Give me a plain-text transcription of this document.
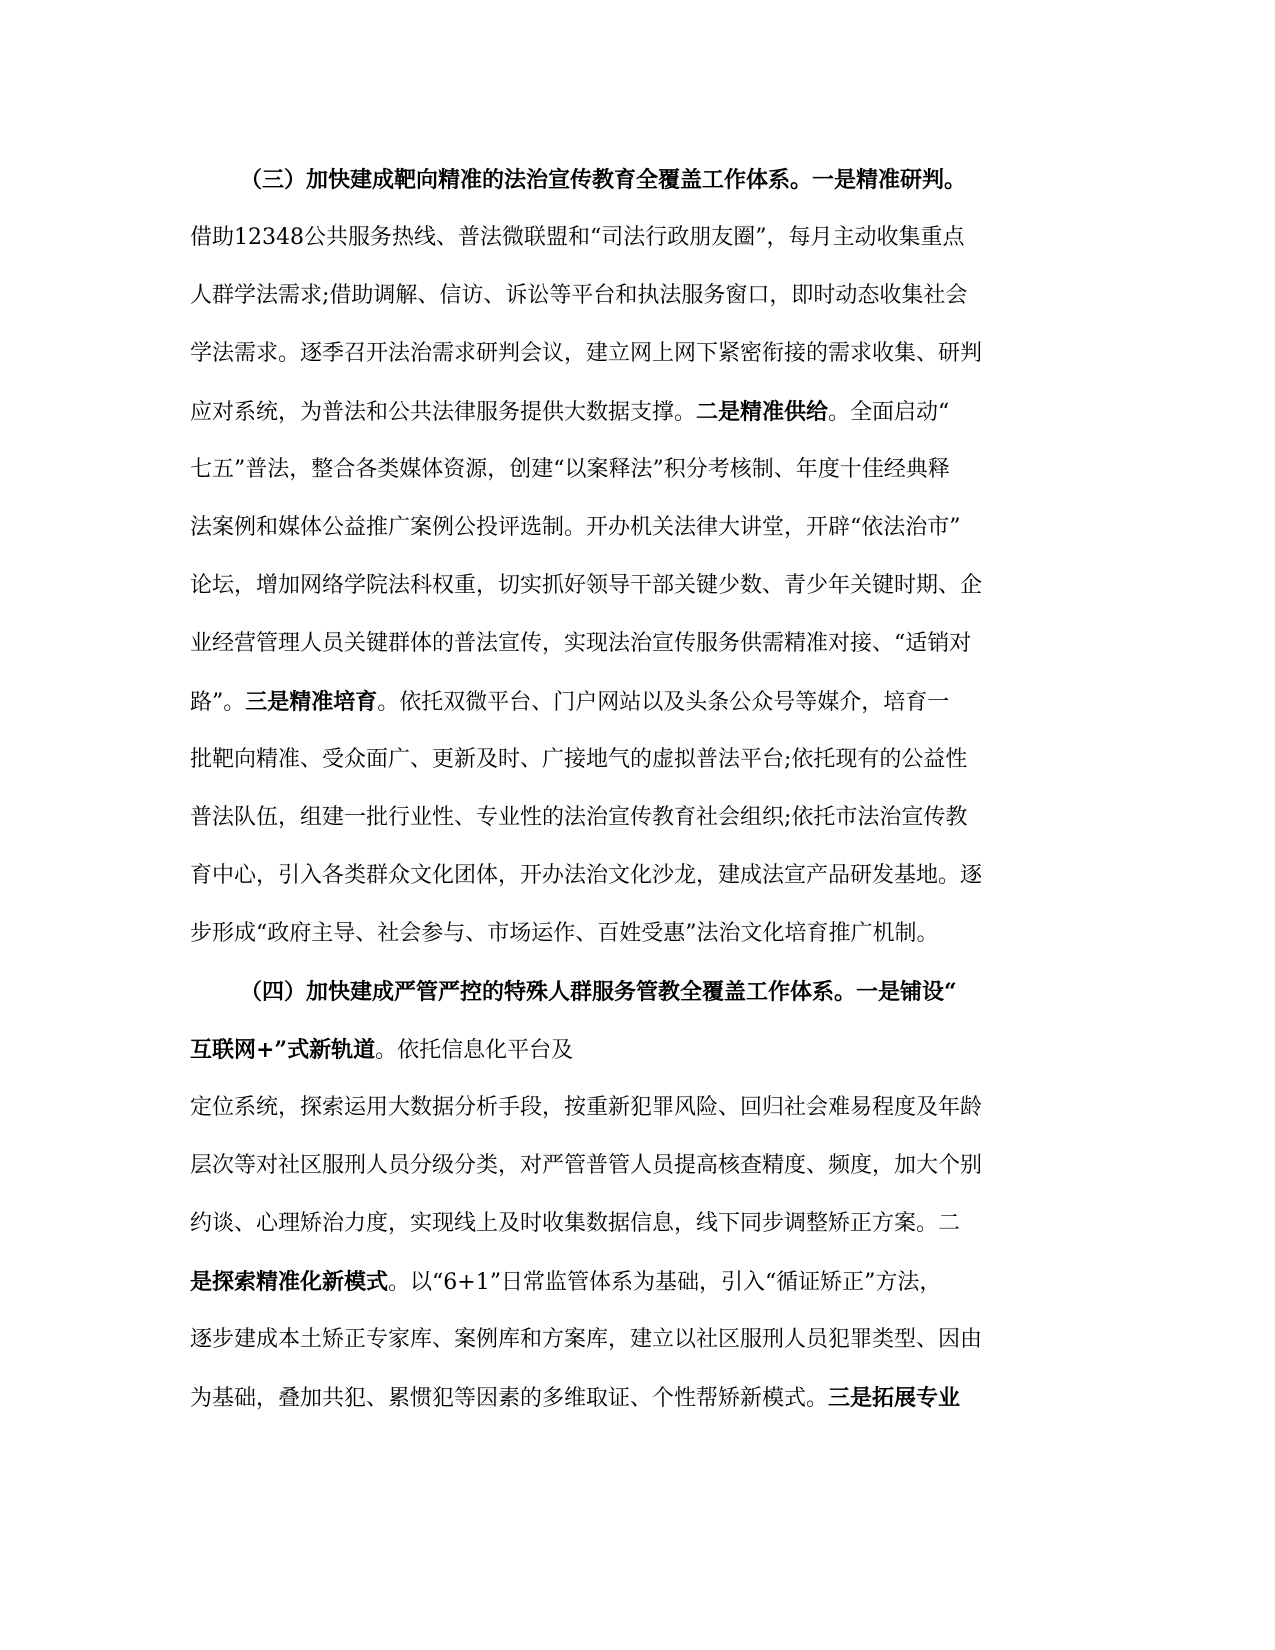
（三）加快建成靶向精准的法治宣传教育全覆盖工作体系。一是精准研判。
借助12348公共服务热线、普法微联盟和“司法行政朋友圈”，每月主动收集重点
人群学法需求;借助调解、信访、诉讼等平台和执法服务窗口，即时动态收集社会
学法需求。逐季召开法治需求研判会议，建立网上网下紧密衔接的需求收集、研判
应对系统，为普法和公共法律服务提供大数据支撑。二是精准供给。全面启动“
七五”普法，整合各类媒体资源，创建“以案释法”积分考核制、年度十佳经典释
法案例和媒体公益推广案例公投评选制。开办机关法律大讲堂，开辟“依法治市”
论坛，增加网络学院法科权重，切实抓好领导干部关键少数、青少年关键时期、企
业经营管理人员关键群体的普法宣传，实现法治宣传服务供需精准对接、“适销对
路”。三是精准培育。依托双微平台、门户网站以及头条公众号等媒介，培育一
批靶向精准、受众面广、更新及时、广接地气的虚拟普法平台;依托现有的公益性
普法队伍，组建一批行业性、专业性的法治宣传教育社会组织;依托市法治宣传教
育中心，引入各类群众文化团体，开办法治文化沙龙，建成法宣产品研发基地。逐
步形成“政府主导、社会参与、市场运作、百姓受惠”法治文化培育推广机制。
（四）加快建成严管严控的特殊人群服务管教全覆盖工作体系。一是铺设“
互联网+”式新轨道。依托信息化平台及
定位系统，探索运用大数据分析手段，按重新犯罪风险、回归社会难易程度及年龄
层次等对社区服刑人员分级分类，对严管普管人员提高核查精度、频度，加大个别
约谈、心理矫治力度，实现线上及时收集数据信息，线下同步调整矫正方案。二
是探索精准化新模式。以“6+1”日常监管体系为基础，引入“循证矫正”方法，
逐步建成本土矫正专家库、案例库和方案库，建立以社区服刑人员犯罪类型、因由
为基础，叠加共犯、累惯犯等因素的多维取证、个性帮矫新模式。三是拓展专业
